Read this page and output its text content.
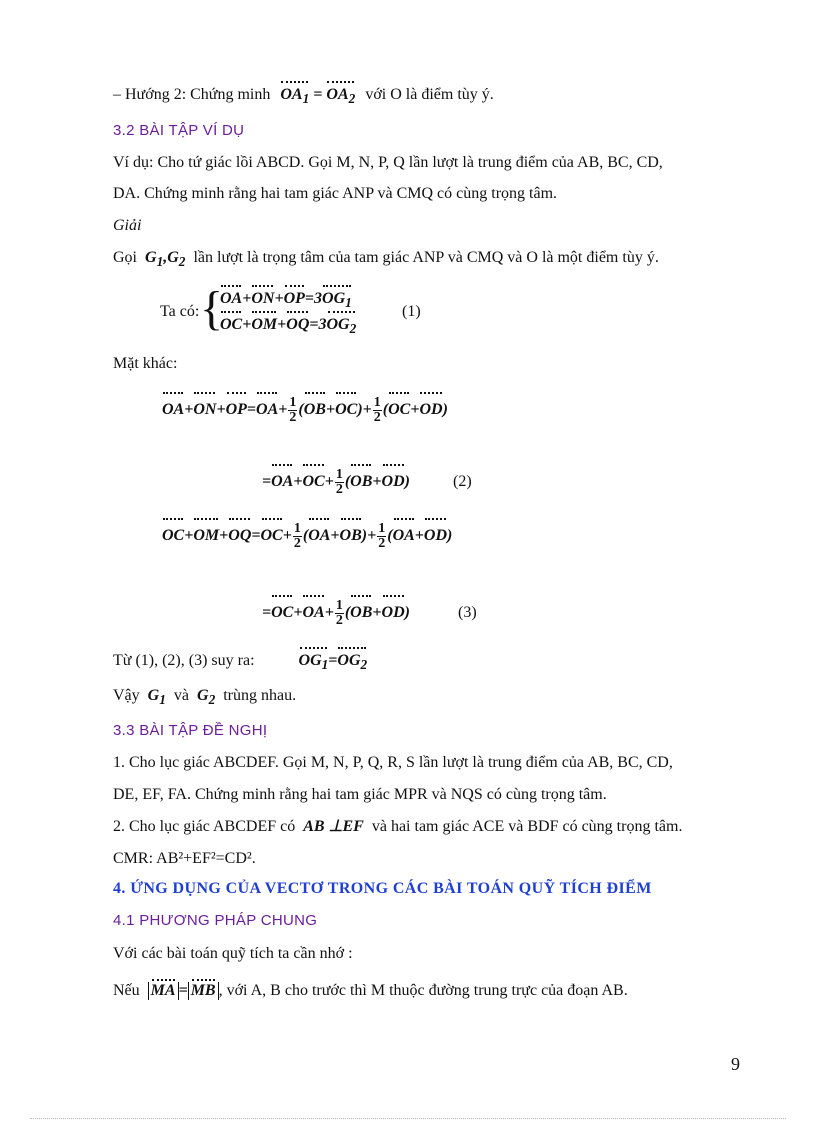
– Hướng 2: Chứng minh $OA_1 = OA_2$ với O là điểm tùy ý.
3.2 BÀI TẬP VÍ DỤ
Ví dụ: Cho tứ giác lồi ABCD. Gọi M, N, P, Q lần lượt là trung điểm của AB, BC, CD,
DA. Chứng minh rằng hai tam giác ANP và CMQ có cùng trọng tâm.
Giải
Gọi $G_1,G_2$ lần lượt là trọng tâm của tam giác ANP và CMQ và O là một điểm tùy ý.
Ta có: {
$OA+ON+OP=3OG_1$
$OC+OM+OQ=3OG_2$
(1)
Mặt khác:
$OA+ON+OP=OA+ \frac{1}{2} (OB+OC)+ \frac{1}{2} (OC+OD)$
$=OA+OC+ \frac{1}{2} (OB+OD)$	(2)
$OC+OM+OQ=OC+ \frac{1}{2} (OA+OB)+ \frac{1}{2} (OA+OD)$
$=OC+OA+ \frac{1}{2} (OB+OD)$	(3)
Từ (1), (2), (3) suy ra:	$OG_1=OG_2$
Vậy $G_1$ và $G_2$ trùng nhau.
3.3 BÀI TẬP ĐỀ NGHỊ
1. Cho lục giác ABCDEF. Gọi M, N, P, Q, R, S lần lượt là trung điểm của AB, BC, CD,
DE, EF, FA. Chứng minh rằng hai tam giác MPR và NQS có cùng trọng tâm.
2. Cho lục giác ABCDEF có AB ⊥EF và hai tam giác ACE và BDF có cùng trọng tâm.
CMR: AB²+EF²=CD².
4. ỨNG DỤNG CỦA VECTƠ TRONG CÁC BÀI TOÁN QUỸ TÍCH ĐIỂM
4.1 PHƯƠNG PHÁP CHUNG
Với các bài toán quỹ tích ta cần nhớ :
Nếu MA = MB , với A, B cho trước thì M thuộc đường trung trực của đoạn AB.
9
